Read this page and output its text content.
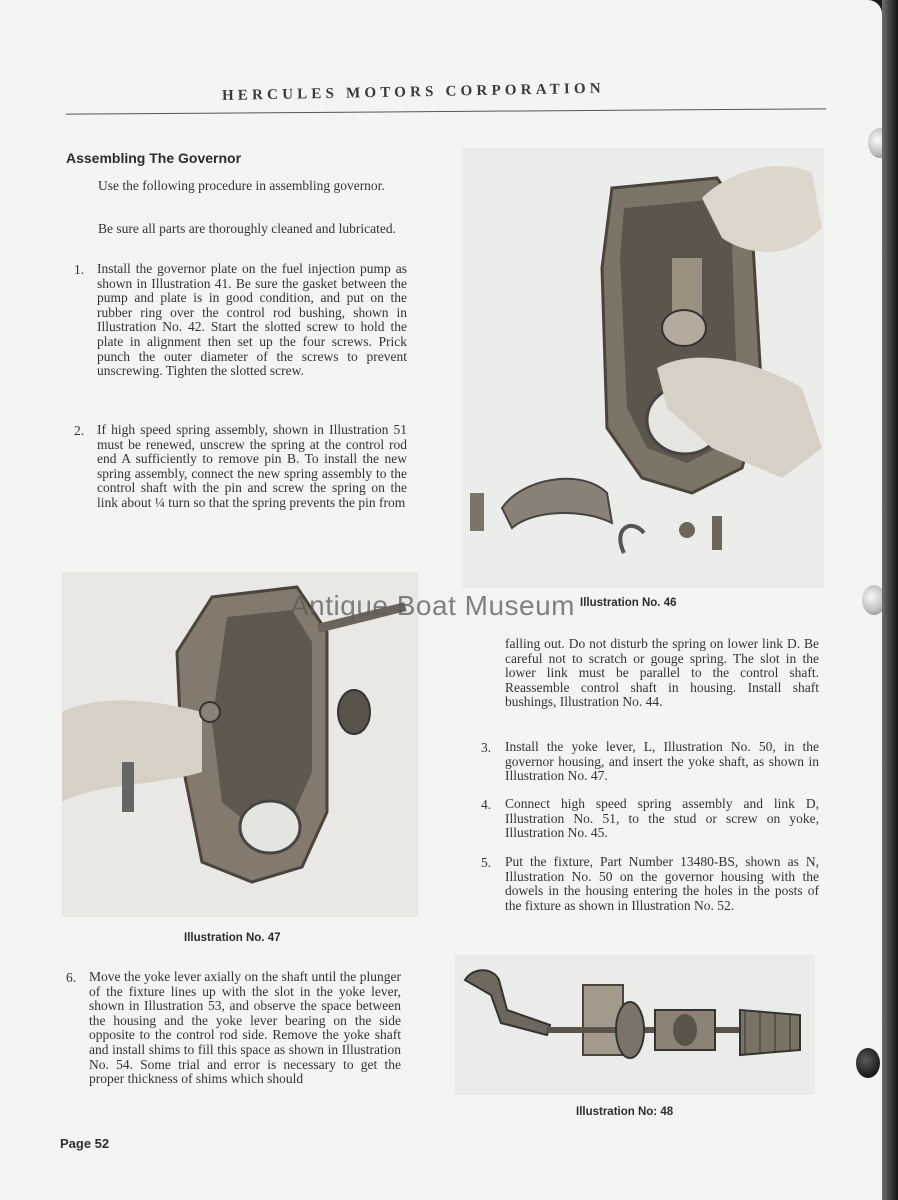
HERCULES MOTORS CORPORATION
Assembling The Governor
Use the following procedure in assembling governor.
Be sure all parts are thoroughly cleaned and lubricated.
1. Install the governor plate on the fuel injection pump as shown in Illustration 41. Be sure the gasket between the pump and plate is in good condition, and put on the rubber ring over the control rod bushing, shown in Illustration No. 42. Start the slotted screw to hold the plate in alignment then set up the four screws. Prick punch the outer diameter of the screws to prevent unscrewing. Tighten the slotted screw.
2. If high speed spring assembly, shown in Illustration 51 must be renewed, unscrew the spring at the control rod end A sufficiently to remove pin B. To install the new spring assembly, connect the new spring assembly to the control shaft with the pin and screw the spring on the link about ¼ turn so that the spring prevents the pin from
Illustration No. 46
Illustration No. 47
Antique Boat Museum
falling out. Do not disturb the spring on lower link D. Be careful not to scratch or gouge spring. The slot in the lower link must be parallel to the control shaft. Reassemble control shaft in housing. Install shaft bushings, Illustration No. 44.
3. Install the yoke lever, L, Illustration No. 50, in the governor housing, and insert the yoke shaft, as shown in Illustration No. 47.
4. Connect high speed spring assembly and link D, Illustration No. 51, to the stud or screw on yoke, Illustration No. 45.
5. Put the fixture, Part Number 13480-BS, shown as N, Illustration No. 50 on the governor housing with the dowels in the housing entering the holes in the posts of the fixture as shown in Illustration No. 52.
6. Move the yoke lever axially on the shaft until the plunger of the fixture lines up with the slot in the yoke lever, shown in Illustration 53, and observe the space between the housing and the yoke lever bearing on the side opposite to the control rod side. Remove the yoke shaft and install shims to fill this space as shown in Illustration No. 54. Some trial and error is necessary to get the proper thickness of shims which should
Illustration No: 48
Page 52
